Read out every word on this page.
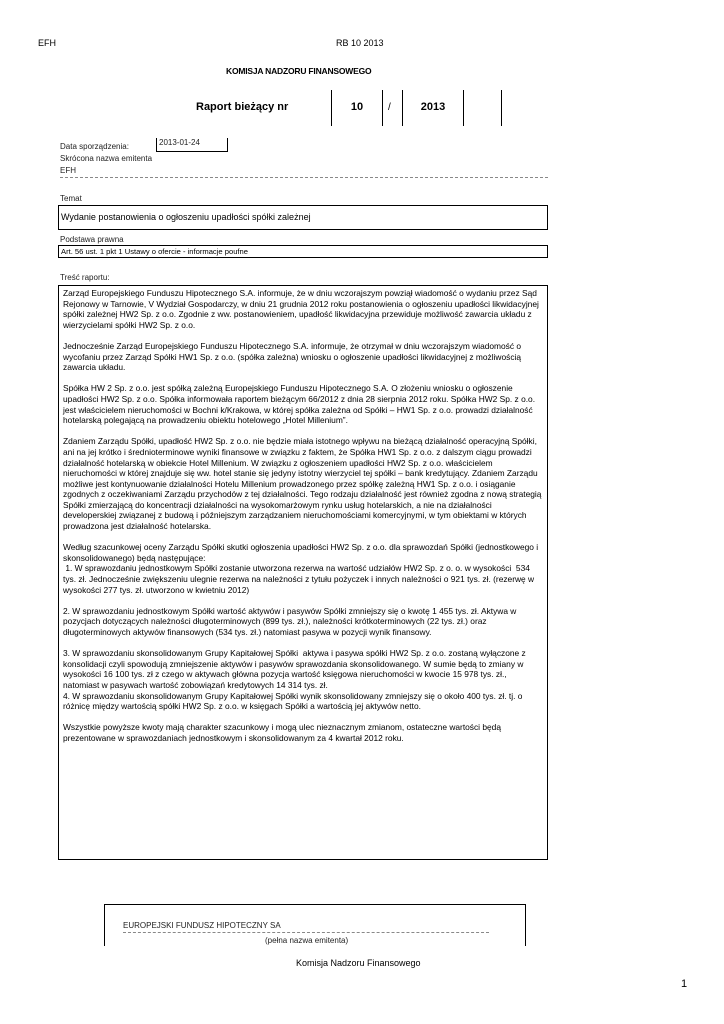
EFH	RB 10 2013
KOMISJA NADZORU FINANSOWEGO
Raport bieżący nr	10	/	2013
Data sporządzenia:	2013-01-24
Skrócona nazwa emitenta
EFH
Temat
Wydanie postanowienia o ogłoszeniu upadłości spółki zależnej
Podstawa prawna
Art. 56 ust. 1 pkt 1 Ustawy o ofercie - informacje poufne
Treść raportu:

Zarząd Europejskiego Funduszu Hipotecznego S.A. informuje, że w dniu wczorajszym powziął wiadomość o wydaniu przez Sąd Rejonowy w Tarnowie, V Wydział Gospodarczy, w dniu 21 grudnia 2012 roku postanowienia o ogłoszeniu upadłości likwidacyjnej spółki zależnej HW2 Sp. z o.o. Zgodnie z ww. postanowieniem, upadłość likwidacyjna przewiduje możliwość zawarcia układu z wierzycielami spółki HW2 Sp. z o.o.

Jednocześnie Zarząd Europejskiego Funduszu Hipotecznego S.A. informuje, że otrzymał w dniu wczorajszym wiadomość o wycofaniu przez Zarząd Spółki HW1 Sp. z o.o. (spółka zależna) wniosku o ogłoszenie upadłości likwidacyjnej z możliwością zawarcia układu.

Spółka HW 2 Sp. z o.o. jest spółką zależną Europejskiego Funduszu Hipotecznego S.A. O złożeniu wniosku o ogłoszenie upadłości HW2 Sp. z o.o. Spółka informowała raportem bieżącym 66/2012 z dnia 28 sierpnia 2012 roku. Spółka HW2 Sp. z o.o. jest właścicielem nieruchomości w Bochni k/Krakowa, w której spółka zależna od Spółki – HW1 Sp. z o.o. prowadzi działalność hotelarską polegającą na prowadzeniu obiektu hotelowego „Hotel Millenium”.

Zdaniem Zarządu Spółki, upadłość HW2 Sp. z o.o. nie będzie miała istotnego wpływu na bieżącą działalność operacyjną Spółki, ani na jej krótko i średnioterminowe wyniki finansowe w związku z faktem, że Spółka HW1 Sp. z o.o. z dalszym ciągu prowadzi działalność hotelarską w obiekcie Hotel Millenium. W związku z ogłoszeniem upadłości HW2 Sp. z o.o. właścicielem nieruchomości w której znajduje się ww. hotel stanie się jedyny istotny wierzyciel tej spółki – bank kredytujący. Zdaniem Zarządu możliwe jest kontynuowanie działalności Hotelu Millenium prowadzonego przez spółkę zależną HW1 Sp. z o.o. i osiąganie zgodnych z oczekiwaniami Zarządu przychodów z tej działalności. Tego rodzaju działalność jest również zgodna z nową strategią Spółki zmierzającą do koncentracji działalności na wysokomarżowym rynku usług hotelarskich, a nie na działalności developerskiej związanej z budową i późniejszym zarządzaniem nieruchomościami komercyjnymi, w tym obiektami w których prowadzona jest działalność hotelarska.

Według szacunkowej oceny Zarządu Spółki skutki ogłoszenia upadłości HW2 Sp. z o.o. dla sprawozdań Spółki (jednostkowego i skonsolidowanego) będą następujące:
1. W sprawozdaniu jednostkowym Spółki zostanie utworzona rezerwa na wartość udziałów HW2 Sp. z o. o. w wysokości  534 tys. zł. Jednocześnie zwiększeniu ulegnie rezerwa na należności z tytułu pożyczek i innych należności o 921 tys. zł. (rezerwę w wysokości 277 tys. zł. utworzono w kwietniu 2012)

2. W sprawozdaniu jednostkowym Spółki wartość aktywów i pasywów Spółki zmniejszy się o kwotę 1 455 tys. zł. Aktywa w pozycjach dotyczących należności długoterminowych (899 tys. zł.), należności krótkoterminowych (22 tys. zł.) oraz długoterminowych aktywów finansowych (534 tys. zł.) natomiast pasywa w pozycji wynik finansowy.

3. W sprawozdaniu skonsolidowanym Grupy Kapitałowej Spółki  aktywa i pasywa spółki HW2 Sp. z o.o. zostaną wyłączone z konsolidacji czyli spowodują zmniejszenie aktywów i pasywów sprawozdania skonsolidowanego. W sumie będą to zmiany w wysokości 16 100 tys. zł z czego w aktywach główna pozycja wartość księgowa nieruchomości w kwocie 15 978 tys. zł., natomiast w pasywach wartość zobowiązań kredytowych 14 314 tys. zł.
4. W sprawozdaniu skonsolidowanym Grupy Kapitałowej Spółki wynik skonsolidowany zmniejszy się o około 400 tys. zł. tj. o różnicę między wartością spółki HW2 Sp. z o.o. w księgach Spółki a wartością jej aktywów netto.

Wszystkie powyższe kwoty mają charakter szacunkowy i mogą ulec nieznacznym zmianom, ostateczne wartości będą prezentowane w sprawozdaniach jednostkowym i skonsolidowanym za 4 kwartał 2012 roku.

EUROPEJSKI FUNDUSZ HIPOTECZNY SA
(pełna nazwa emitenta)
Komisja Nadzoru Finansowego
1
